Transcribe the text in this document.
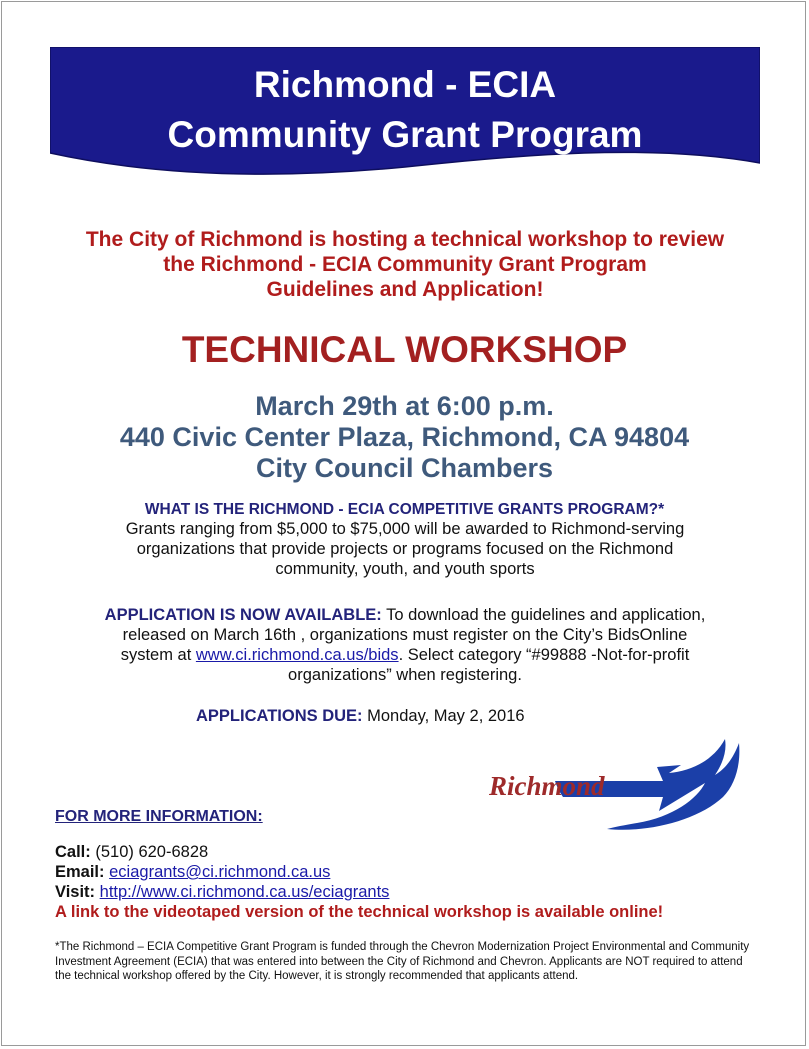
Richmond - ECIA
Community Grant Program
The City of Richmond is hosting a technical workshop to review
the Richmond - ECIA Community Grant Program
Guidelines and Application!
TECHNICAL WORKSHOP
March 29th at 6:00 p.m.
440 Civic Center Plaza, Richmond, CA 94804
City Council Chambers
WHAT IS THE RICHMOND - ECIA COMPETITIVE GRANTS PROGRAM?*
Grants ranging from $5,000 to $75,000 will be awarded to Richmond-serving
organizations that provide projects or programs focused on the Richmond
community, youth, and youth sports
APPLICATION IS NOW AVAILABLE: To download the guidelines and application,
released on March 16th , organizations must register on the City’s BidsOnline
system at www.ci.richmond.ca.us/bids. Select category “#99888 -Not-for-profit
organizations” when registering.
APPLICATIONS DUE: Monday, May 2, 2016
Richmond
FOR MORE INFORMATION:
Call: (510) 620-6828
Email: eciagrants@ci.richmond.ca.us
Visit: http://www.ci.richmond.ca.us/eciagrants
A link to the videotaped version of the technical workshop is available online!
*The Richmond – ECIA Competitive Grant Program is funded through the Chevron Modernization Project Environmental and Community Investment Agreement (ECIA) that was entered into between the City of Richmond and Chevron. Applicants are NOT required to attend the technical workshop offered by the City. However, it is strongly recommended that applicants attend.
